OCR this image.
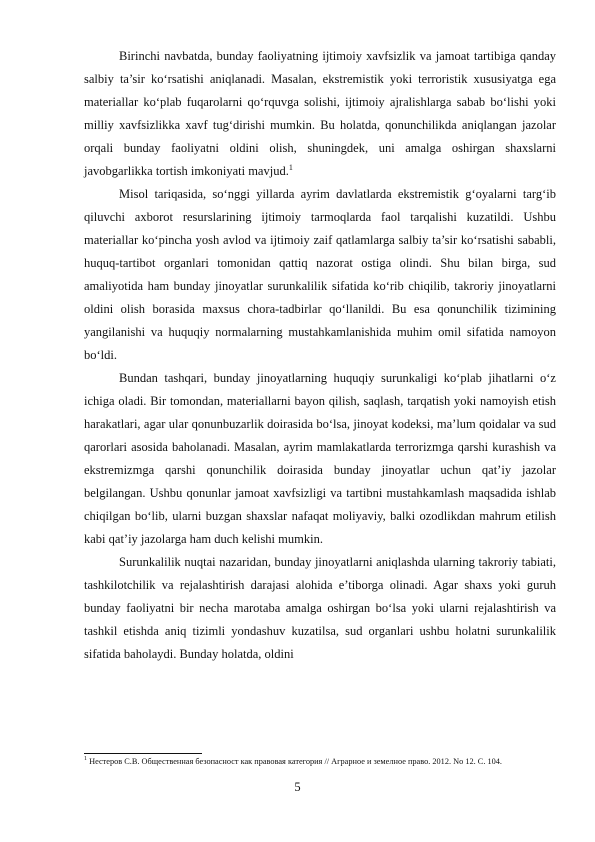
Birinchi navbatda, bunday faoliyatning ijtimoiy xavfsizlik va jamoat tartibiga qanday salbiy ta’sir ko‘rsatishi aniqlanadi. Masalan, ekstremistik yoki terroristik xususiyatga ega materiallar ko‘plab fuqarolarni qo‘rquvga solishi, ijtimoiy ajralishlarga sabab bo‘lishi yoki milliy xavfsizlikka xavf tug‘dirishi mumkin. Bu holatda, qonunchilikda aniqlangan jazolar orqali bunday faoliyatni oldini olish, shuningdek, uni amalga oshirgan shaxslarni javobgarlikka tortish imkoniyati mavjud.$^1$

Misol tariqasida, so‘nggi yillarda ayrim davlatlarda ekstremistik g‘oyalarni targ‘ib qiluvchi axborot resurslarining ijtimoiy tarmoqlarda faol tarqalishi kuzatildi. Ushbu materiallar ko‘pincha yosh avlod va ijtimoiy zaif qatlamlarga salbiy ta’sir ko‘rsatishi sababli, huquq-tartibot organlari tomonidan qattiq nazorat ostiga olindi. Shu bilan birga, sud amaliyotida ham bunday jinoyatlar surunkalilik sifatida ko‘rib chiqilib, takroriy jinoyatlarni oldini olish borasida maxsus chora-tadbirlar qo‘llanildi. Bu esa qonunchilik tizimining yangilanishi va huquqiy normalarning mustahkamlanishida muhim omil sifatida namoyon bo‘ldi.

Bundan tashqari, bunday jinoyatlarning huquqiy surunkaligi ko‘plab jihatlarni o‘z ichiga oladi. Bir tomondan, materiallarni bayon qilish, saqlash, tarqatish yoki namoyish etish harakatlari, agar ular qonunbuzarlik doirasida bo‘lsa, jinoyat kodeksi, ma’lum qoidalar va sud qarorlari asosida baholanadi. Masalan, ayrim mamlakatlarda terrorizmga qarshi kurashish va ekstremizmga qarshi qonunchilik doirasida bunday jinoyatlar uchun qat’iy jazolar belgilangan. Ushbu qonunlar jamoat xavfsizligi va tartibni mustahkamlash maqsadida ishlab chiqilgan bo‘lib, ularni buzgan shaxslar nafaqat moliyaviy, balki ozodlikdan mahrum etilish kabi qat’iy jazolarga ham duch kelishi mumkin.

Surunkalilik nuqtai nazaridan, bunday jinoyatlarni aniqlashda ularning takroriy tabiati, tashkilotchilik va rejalashtirish darajasi alohida e’tiborga olinadi. Agar shaxs yoki guruh bunday faoliyatni bir necha marotaba amalga oshirgan bo‘lsa yoki ularni rejalashtirish va tashkil etishda aniq tizimli yondashuv kuzatilsa, sud organlari ushbu holatni surunkalilik sifatida baholaydi. Bunday holatda, oldini

$^1$ Нестеров С.В. Общественная безопасност как правовая категория // Аграрное и земелное право. 2012. No 12. С. 104.

5
